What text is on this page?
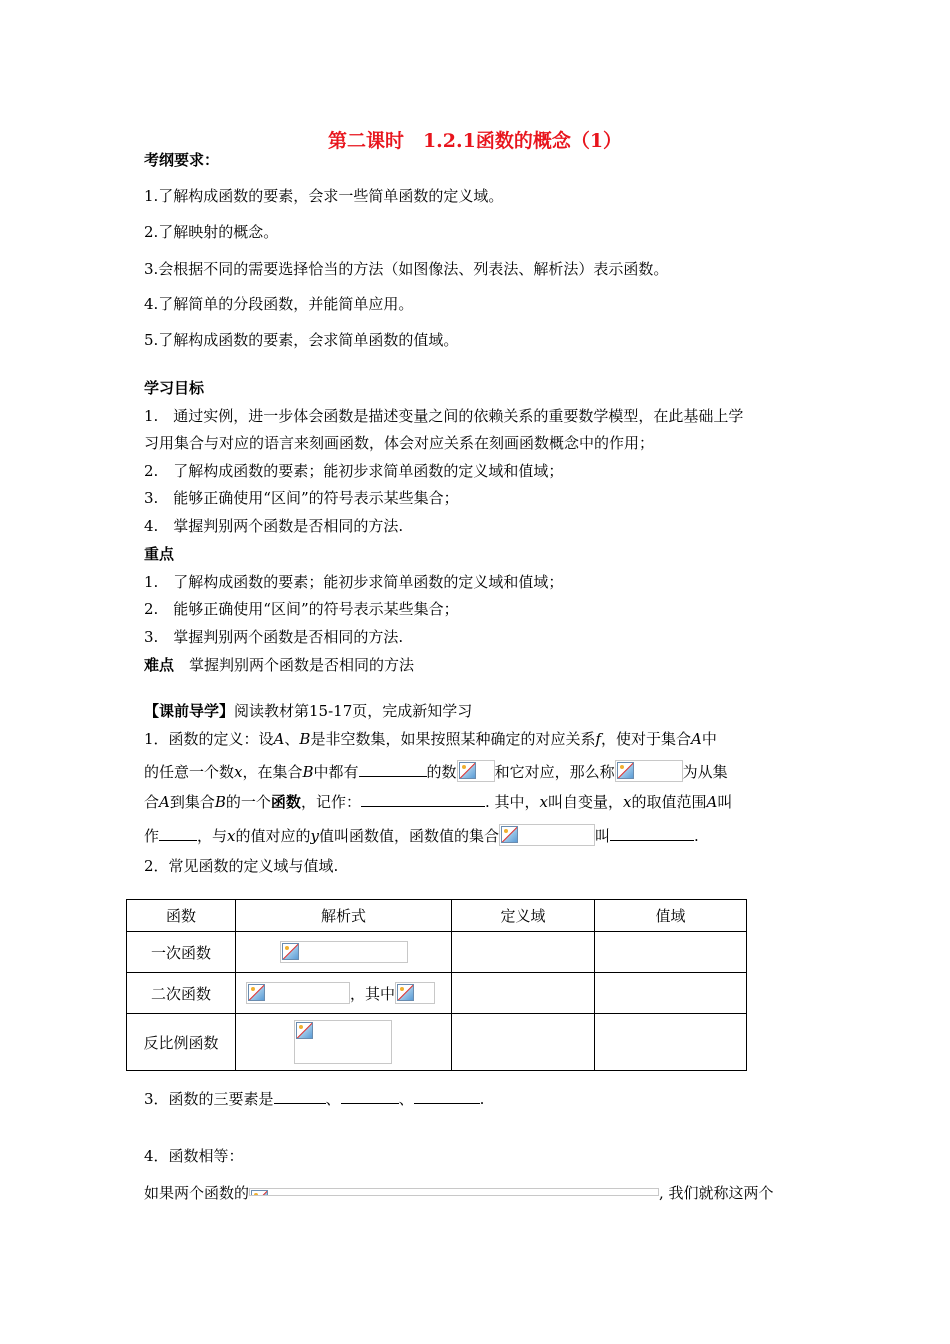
第二课时　1.2.1函数的概念（1）
考纲要求：
1.了解构成函数的要素，会求一些简单函数的定义域。
2.了解映射的概念。
3.会根据不同的需要选择恰当的方法（如图像法、列表法、解析法）表示函数。
4.了解简单的分段函数，并能简单应用。
5.了解构成函数的要素，会求简单函数的值域。
学习目标
1.　通过实例，进一步体会函数是描述变量之间的依赖关系的重要数学模型，在此基础上学
习用集合与对应的语言来刻画函数，体会对应关系在刻画函数概念中的作用；
2.　了解构成函数的要素；能初步求简单函数的定义域和值域；
3.　能够正确使用“区间”的符号表示某些集合；
4.　掌握判别两个函数是否相同的方法.
重点
1.　了解构成函数的要素；能初步求简单函数的定义域和值域；
2.　能够正确使用“区间”的符号表示某些集合；
3.　掌握判别两个函数是否相同的方法.
难点　掌握判别两个函数是否相同的方法
【课前导学】阅读教材第15-17页，完成新知学习
1．函数的定义：设A、B是非空数集，如果按照某种确定的对应关系f，使对于集合A中
的任意一个数x，在集合B中都有	的数	和它对应，那么称	为从集
合A到集合B的一个函数，记作：	. 其中，x叫自变量，x的取值范围A叫
作	，与x的值对应的y值叫函数值，函数值的集合	叫	.
2．常见函数的定义域与值域.
函数	解析式	定义域	值域
一次函数	

二次函数	，其中

反比例函数	

3．函数的三要素是	、	、	.
4．函数相等：
如果两个函数的	, 我们就称这两个
